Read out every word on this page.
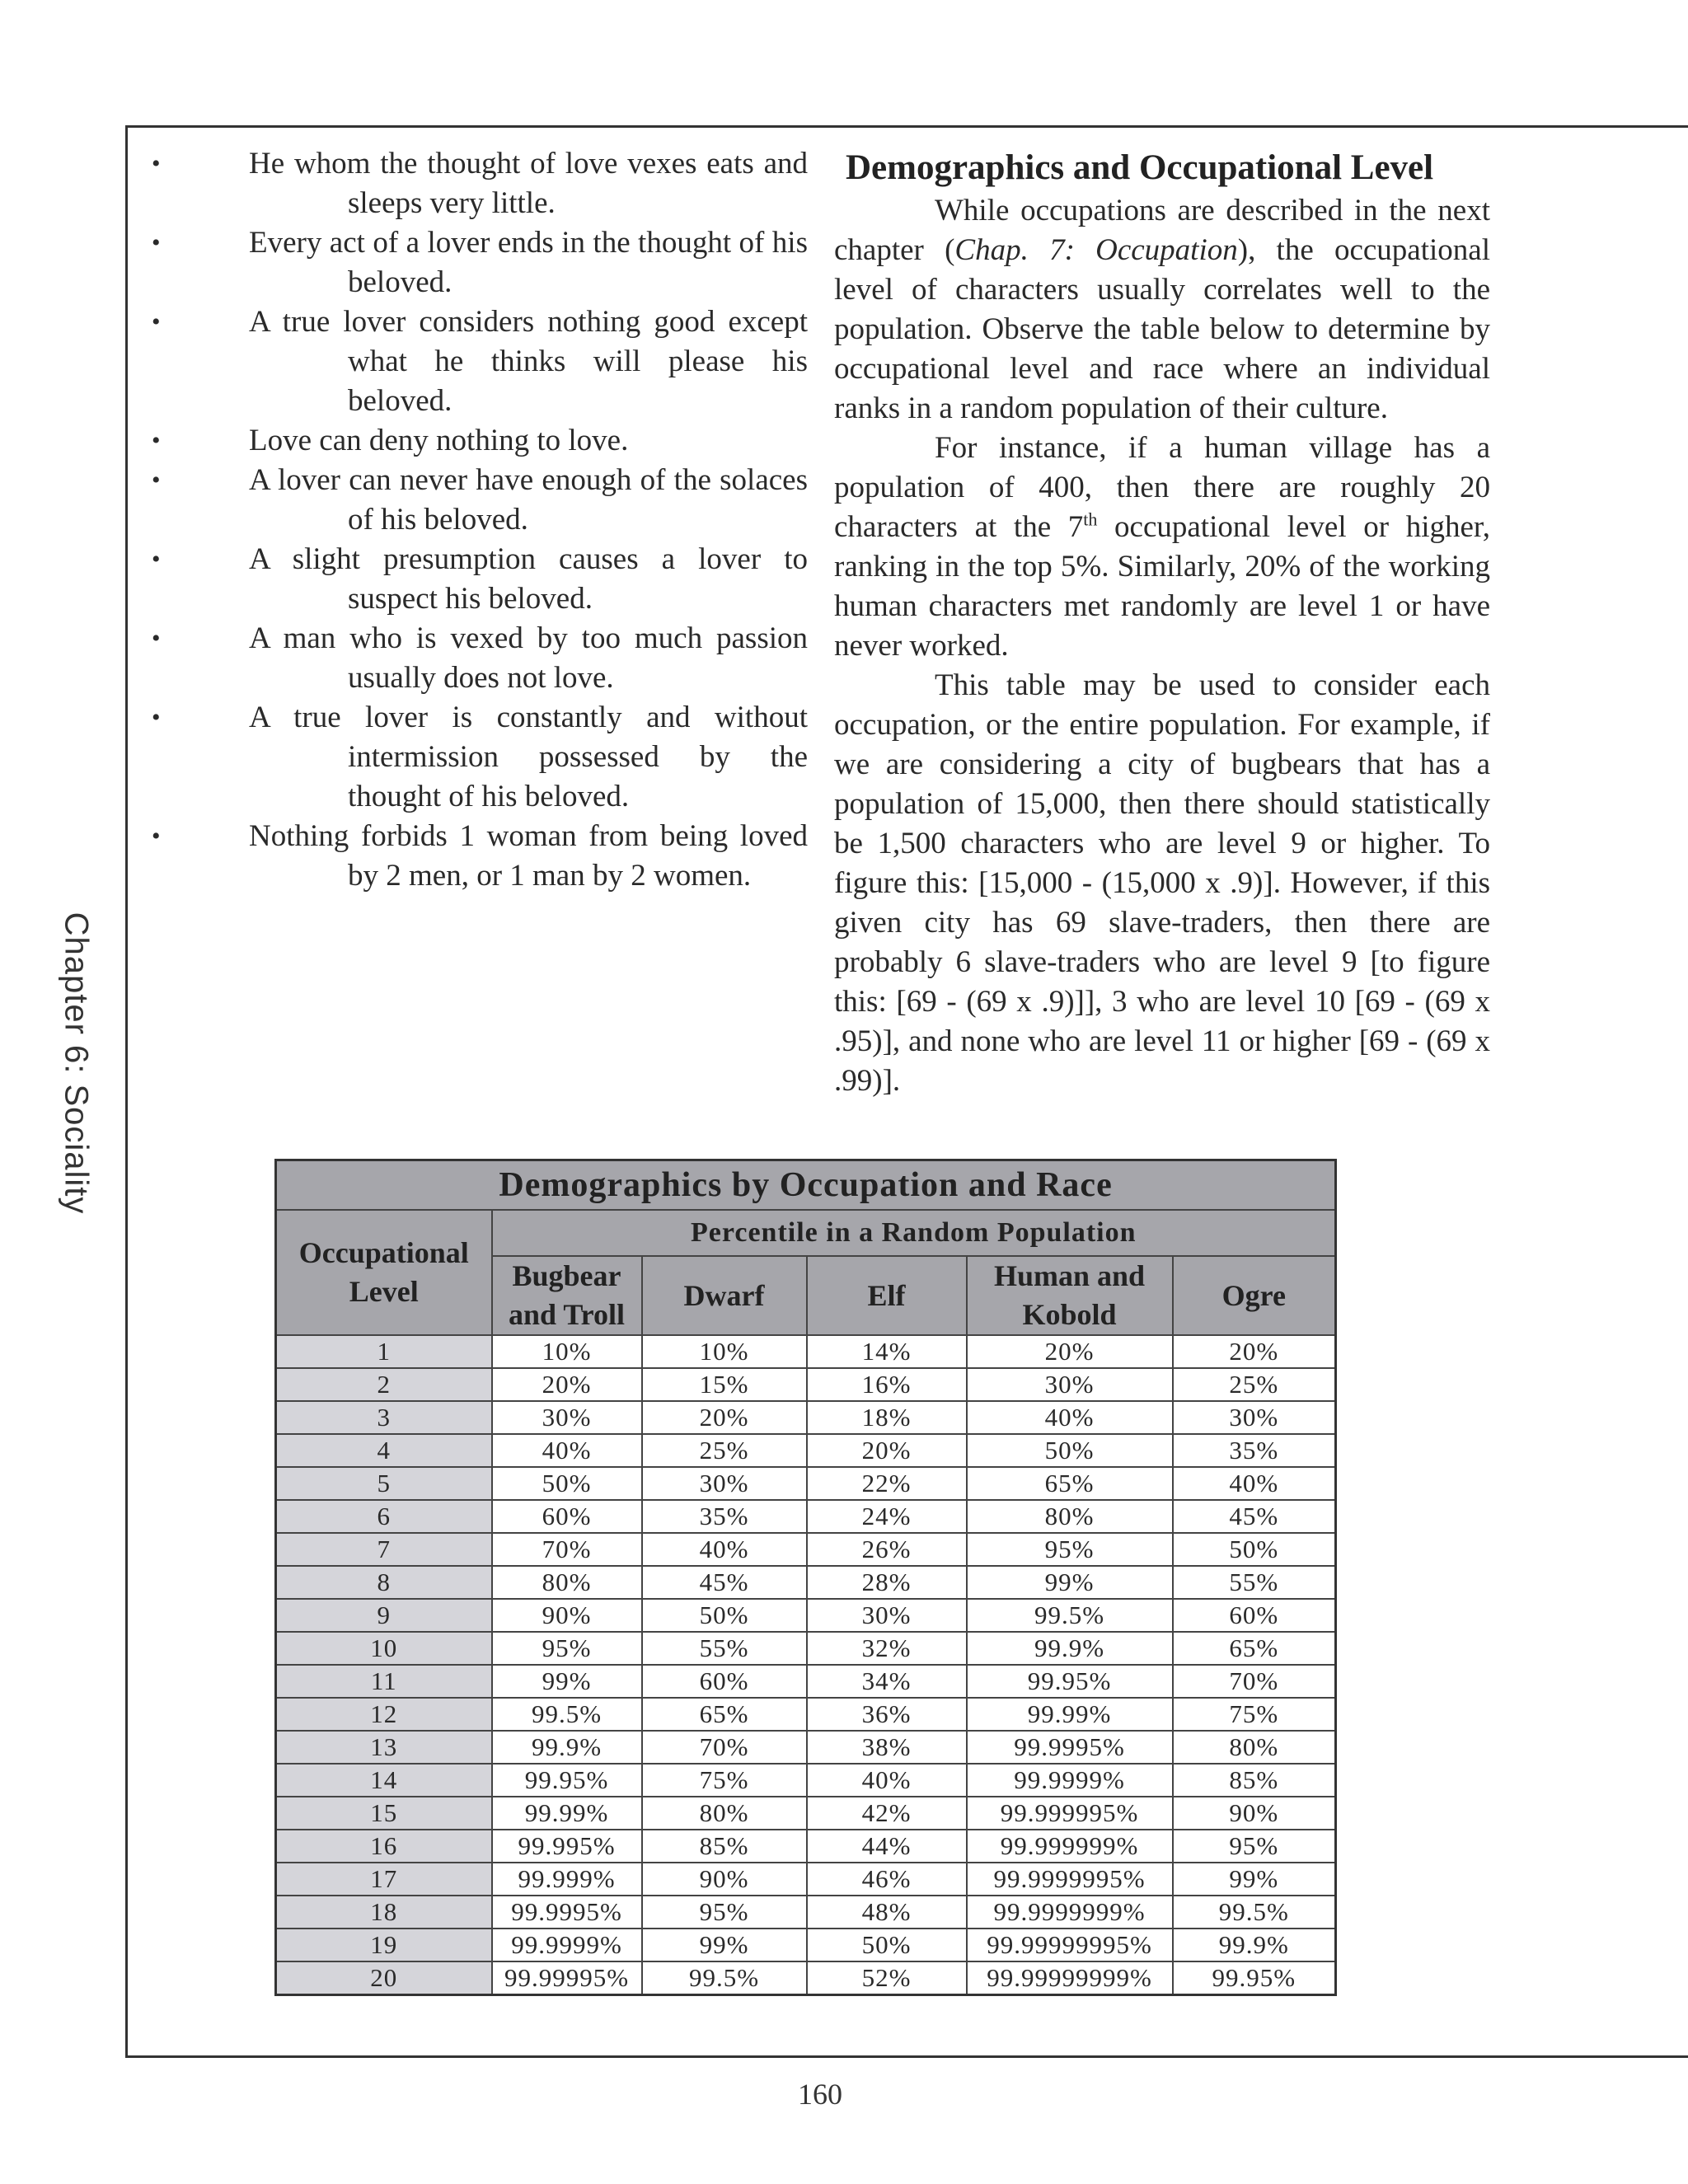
Chapter 6: Sociality
•	He whom the thought of love vexes eats and sleeps very little.
•	Every act of a lover ends in the thought of his beloved.
•	A true lover considers nothing good except what he thinks will please his beloved.
•	Love can deny nothing to love.
•	A lover can never have enough of the solaces of his beloved.
•	A slight presumption causes a lover to suspect his beloved.
•	A man who is vexed by too much passion usually does not love.
•	A true lover is constantly and without intermission possessed by the thought of his beloved.
•	Nothing forbids 1 woman from being loved by 2 men, or 1 man by 2 women.
Demographics and Occupational Level

While occupations are described in the next chapter (Chap. 7: Occupation), the occupational level of characters usually correlates well to the population. Observe the table below to determine by occupational level and race where an individual ranks in a random population of their culture.

For instance, if a human village has a population of 400, then there are roughly 20 characters at the 7th occupational level or higher, ranking in the top 5%. Similarly, 20% of the working human characters met randomly are level 1 or have never worked.

This table may be used to consider each occupation, or the entire population. For example, if we are considering a city of bugbears that has a population of 15,000, then there should statistically be 1,500 characters who are level 9 or higher. To figure this: [15,000 - (15,000 x .9)]. However, if this given city has 69 slave-traders, then there are probably 6 slave-traders who are level 9 [to figure this: [69 - (69 x .9)]], 3 who are level 10 [69 - (69 x .95)], and none who are level 11 or higher [69 - (69 x .99)].

Demographics by Occupation and Race					
Occupational Level	Percentile in a Random Population				
	Bugbear and Troll	Dwarf	Elf	Human and Kobold	Ogre
1	10%	10%	14%	20%	20%
2	20%	15%	16%	30%	25%
3	30%	20%	18%	40%	30%
4	40%	25%	20%	50%	35%
5	50%	30%	22%	65%	40%
6	60%	35%	24%	80%	45%
7	70%	40%	26%	95%	50%
8	80%	45%	28%	99%	55%
9	90%	50%	30%	99.5%	60%
10	95%	55%	32%	99.9%	65%
11	99%	60%	34%	99.95%	70%
12	99.5%	65%	36%	99.99%	75%
13	99.9%	70%	38%	99.9995%	80%
14	99.95%	75%	40%	99.9999%	85%
15	99.99%	80%	42%	99.999995%	90%
16	99.995%	85%	44%	99.999999%	95%
17	99.999%	90%	46%	99.9999995%	99%
18	99.9995%	95%	48%	99.9999999%	99.5%
19	99.9999%	99%	50%	99.99999995%	99.9%
20	99.99995%	99.5%	52%	99.99999999%	99.95%
160
